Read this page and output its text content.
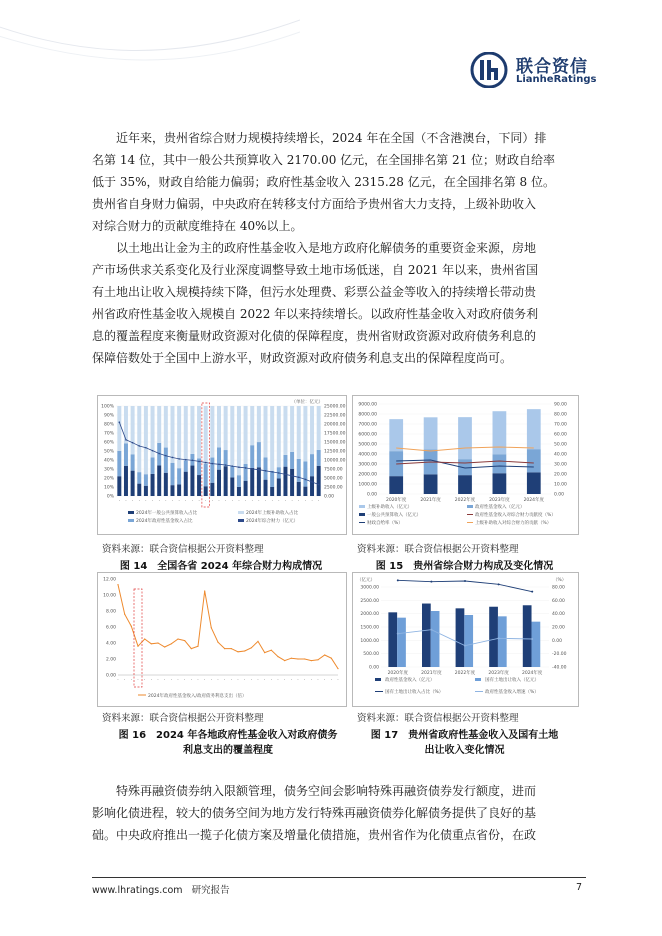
联合资信
LianheRatings
近年来，贵州省综合财力规模持续增长，2024 年在全国（不含港澳台，下同）排
名第 14 位，其中一般公共预算收入 2170.00 亿元，在全国排名第 21 位；财政自给率
低于 35%，财政自给能力偏弱；政府性基金收入 2315.28 亿元，在全国排名第 8 位。
贵州省自身财力偏弱，中央政府在转移支付方面给予贵州省大力支持，上级补助收入
对综合财力的贡献度维持在 40%以上。
以土地出让金为主的政府性基金收入是地方政府化解债务的重要资金来源，房地
产市场供求关系变化及行业深度调整导致土地市场低迷，自 2021 年以来，贵州省国
有土地出让收入规模持续下降，但污水处理费、彩票公益金等收入的持续增长带动贵
州省政府性基金收入规模自 2022 年以来持续增长。以政府性基金收入对政府债务利
息的覆盖程度来衡量财政资源对化债的保障程度，贵州省财政资源对政府债务利息的
保障倍数处于全国中上游水平，财政资源对政府债务利息支出的保障程度尚可。
（单位：亿元）
100%
90%
80%
70%
60%
50%
40%
30%
20%
10%
0%
25000.00
22500.00
20000.00
17500.00
15000.00
12500.00
10000.00
7500.00
5000.00
2500.00
0.00
· · · · · · · · · · · · · · · · · · · · · · · · · · · · · · ·
2024年一般公共预算收入占比
2024年政府性基金收入占比
2024年上级补助收入占比
2024年综合财力（亿元）
资料来源：联合资信根据公开资料整理
图 14　全国各省 2024 年综合财力构成情况
9000.00
8000.00
7000.00
6000.00
5000.00
4000.00
3000.00
2000.00
1000.00
0.00
90.00
80.00
70.00
60.00
50.00
40.00
30.00
20.00
10.00
0.00
2020年度	2021年度	2022年度	2023年度	2024年度
上级补助收入（亿元）	政府性基金收入（亿元）
一般公共预算收入（亿元）	政府性基金收入对综合财力贡献度（%）
财政自给率（%）	上级补助收入对综合财力的贡献（%）
资料来源：联合资信根据公开资料整理
图 15　贵州省综合财力构成及变化情况
12.00
10.00
8.00
6.00
4.00
2.00
0.00
· · · · · · · · · · · · · · · · · · · · · · · · · · · · · · · · · ·
2024年政府性基金收入/政府债务利息支出（倍）
资料来源：联合资信根据公开资料整理
图 16　2024 年各地政府性基金收入对政府债务
利息支出的覆盖程度
（亿元）	（%）
3000.00
2500.00
2000.00
1500.00
1000.00
500.00
0.00
80.00
60.00
40.00
20.00
0.00
-20.00
-40.00
2020年度	2021年度	2022年度	2023年度	2024年度
政府性基金收入（亿元）	国有土地出让收入（亿元）
国有土地出让收入占比（%）	政府性基金收入增速（%）
资料来源：联合资信根据公开资料整理
图 17　贵州省政府性基金收入及国有土地
出让收入变化情况
特殊再融资债券纳入限额管理，债务空间会影响特殊再融资债券发行额度，进而
影响化债进程，较大的债务空间为地方发行特殊再融资债券化解债务提供了良好的基
础。中央政府推出一揽子化债方案及增量化债措施，贵州省作为化债重点省份，在政
www.lhratings.com 研究报告	7
